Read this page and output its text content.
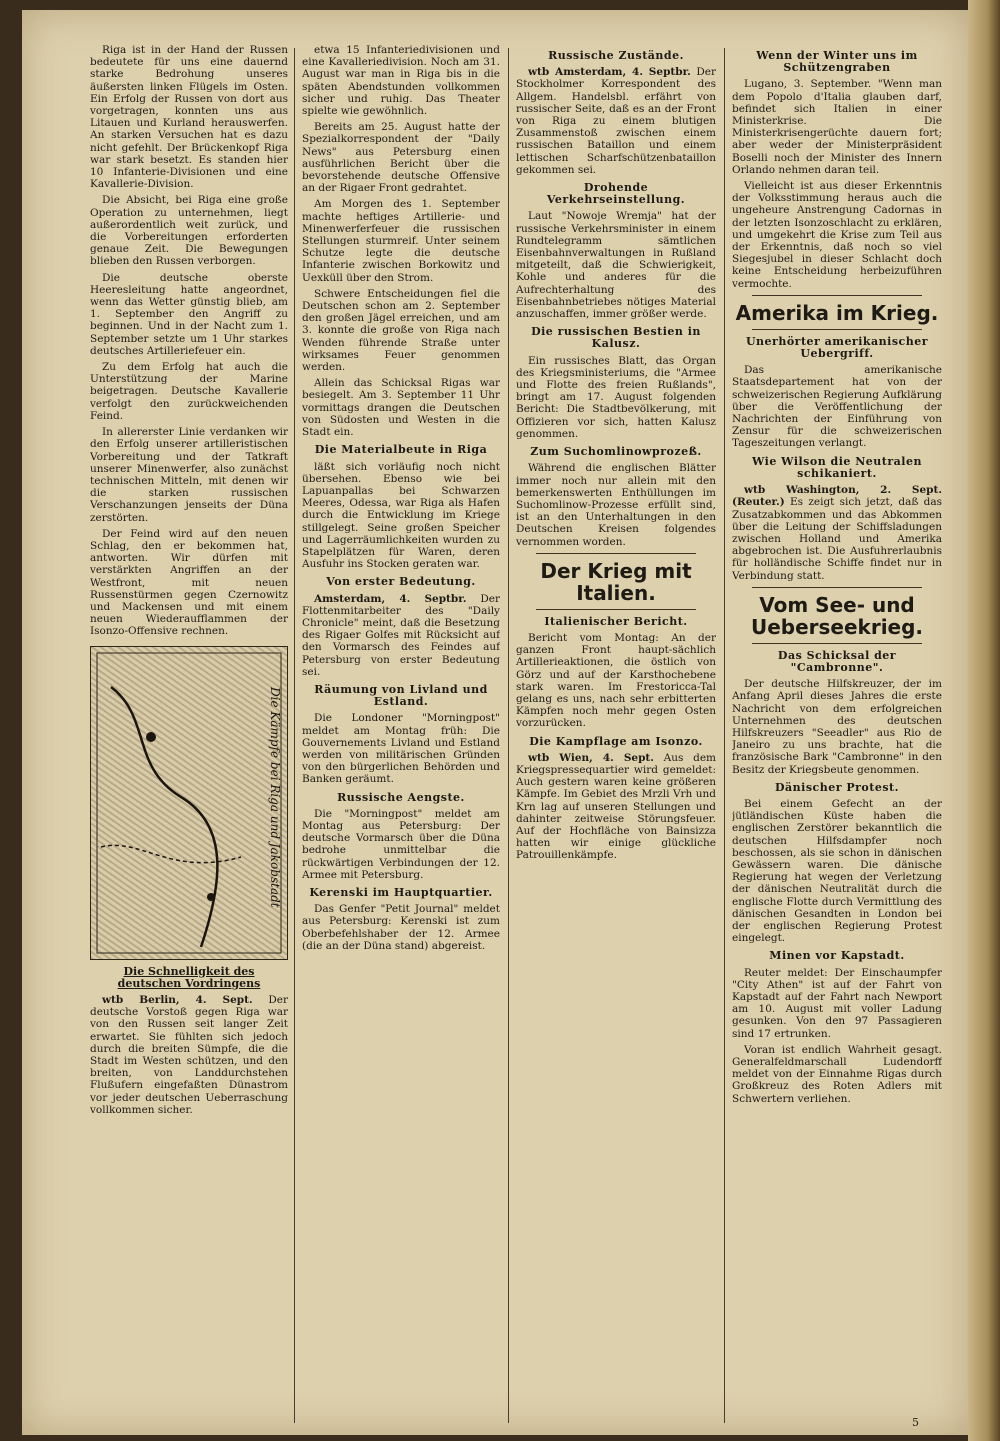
Riga ist in der Hand der Russen bedeutete für uns eine dauernd starke Bedrohung unseres äußersten linken Flügels im Osten. Ein Erfolg der Russen von dort aus vorgetragen, konnten uns aus Litauen und Kurland herauswerfen. An starken Versuchen hat es dazu nicht gefehlt. Der Brückenkopf Riga war stark besetzt. Es standen hier 10 Infanterie-Divisionen und eine Kavallerie-Division.

Die Absicht, bei Riga eine große Operation zu unternehmen, liegt außerordentlich weit zurück, und die Vorbereitungen erforderten genaue Zeit. Die Bewegungen blieben den Russen verborgen.

Die deutsche oberste Heeresleitung hatte angeordnet, wenn das Wetter günstig blieb, am 1. September den Angriff zu beginnen. Und in der Nacht zum 1. September setzte um 1 Uhr starkes deutsches Artilleriefeuer ein.

Zu dem Erfolg hat auch die Unterstützung der Marine beigetragen. Deutsche Kavallerie verfolgt den zurückweichenden Feind.

In allererster Linie verdanken wir den Erfolg unserer artilleristischen Vorbereitung und der Tatkraft unserer Minenwerfer, also zunächst technischen Mitteln, mit denen wir die starken russischen Verschanzungen jenseits der Düna zerstörten.

Der Feind wird auf den neuen Schlag, den er bekommen hat, antworten. Wir dürfen mit verstärkten Angriffen an der Westfront, mit neuen Russenstürmen gegen Czernowitz und Mackensen und mit einem neuen Wiederaufflammen der Isonzo-Offensive rechnen.

Die Kämpfe bei Riga und Jakobstadt
Die Schnelligkeit des deutschen Vordringens

wtb Berlin, 4. Sept. Der deutsche Vorstoß gegen Riga war von den Russen seit langer Zeit erwartet. Sie fühlten sich jedoch durch die breiten Sümpfe, die die Stadt im Westen schützen, und den breiten, von Landdurchstehen Flußufern eingefaßten Dünastrom vor jeder deutschen Ueberraschung vollkommen sicher.

etwa 15 Infanteriedivisionen und eine Kavalleriedivision. Noch am 31. August war man in Riga bis in die späten Abendstunden vollkommen sicher und ruhig. Das Theater spielte wie gewöhnlich.

Bereits am 25. August hatte der Spezialkorrespondent der "Daily News" aus Petersburg einen ausführlichen Bericht über die bevorstehende deutsche Offensive an der Rigaer Front gedrahtet.

Am Morgen des 1. September machte heftiges Artillerie- und Minenwerferfeuer die russischen Stellungen sturmreif. Unter seinem Schutze legte die deutsche Infanterie zwischen Borkowitz und Uexküll über den Strom.

Schwere Entscheidungen fiel die Deutschen schon am 2. September den großen Jägel erreichen, und am 3. konnte die große von Riga nach Wenden führende Straße unter wirksames Feuer genommen werden.

Allein das Schicksal Rigas war besiegelt. Am 3. September 11 Uhr vormittags drangen die Deutschen von Südosten und Westen in die Stadt ein.

Die Materialbeute in Riga

läßt sich vorläufig noch nicht übersehen. Ebenso wie bei Lapuanpallas bei Schwarzen Meeres, Odessa, war Riga als Hafen durch die Entwicklung im Kriege stillgelegt. Seine großen Speicher und Lagerräumlichkeiten wurden zu Stapelplätzen für Waren, deren Ausfuhr ins Stocken geraten war.

Von erster Bedeutung.

Amsterdam, 4. Septbr. Der Flottenmitarbeiter des "Daily Chronicle" meint, daß die Besetzung des Rigaer Golfes mit Rücksicht auf den Vormarsch des Feindes auf Petersburg von erster Bedeutung sei.

Räumung von Livland und Estland.

Die Londoner "Morningpost" meldet am Montag früh: Die Gouvernements Livland und Estland werden von militärischen Gründen von den bürgerlichen Behörden und Banken geräumt.

Russische Aengste.

Die "Morningpost" meldet am Montag aus Petersburg: Der deutsche Vormarsch über die Düna bedrohe unmittelbar die rückwärtigen Verbindungen der 12. Armee mit Petersburg.

Kerenski im Hauptquartier.

Das Genfer "Petit Journal" meldet aus Petersburg: Kerenski ist zum Oberbefehlshaber der 12. Armee (die an der Düna stand) abgereist.

Russische Zustände.

wtb Amsterdam, 4. Septbr. Der Stockholmer Korrespondent des Allgem. Handelsbl. erfährt von russischer Seite, daß es an der Front von Riga zu einem blutigen Zusammenstoß zwischen einem russischen Bataillon und einem lettischen Scharfschützenbataillon gekommen sei.

Drohende Verkehrseinstellung.

Laut "Nowoje Wremja" hat der russische Verkehrsminister in einem Rundtelegramm sämtlichen Eisenbahnverwaltungen in Rußland mitgeteilt, daß die Schwierigkeit, Kohle und anderes für die Aufrechterhaltung des Eisenbahnbetriebes nötiges Material anzuschaffen, immer größer werde.

Die russischen Bestien in Kalusz.

Ein russisches Blatt, das Organ des Kriegsministeriums, die "Armee und Flotte des freien Rußlands", bringt am 17. August folgenden Bericht: Die Stadtbevölkerung, mit Offizieren vor sich, hatten Kalusz genommen.

Zum Suchomlinowprozeß.

Während die englischen Blätter immer noch nur allein mit den bemerkenswerten Enthüllungen im Suchomlinow-Prozesse erfüllt sind, ist an den Unterhaltungen in den Deutschen Kreisen folgendes vernommen worden.

Der Krieg mit Italien.
Italienischer Bericht.

Bericht vom Montag: An der ganzen Front haupt-sächlich Artillerieaktionen, die östlich von Görz und auf der Karsthochebene stark waren. Im Frestoricca-Tal gelang es uns, nach sehr erbitterten Kämpfen noch mehr gegen Osten vorzurücken.

Die Kampflage am Isonzo.

wtb Wien, 4. Sept. Aus dem Kriegspressequartier wird gemeldet: Auch gestern waren keine größeren Kämpfe. Im Gebiet des Mrzli Vrh und Krn lag auf unseren Stellungen und dahinter zeitweise Störungsfeuer. Auf der Hochfläche von Bainsizza hatten wir einige glückliche Patrouillenkämpfe.

Wenn der Winter uns im Schützengraben

Lugano, 3. September. "Wenn man dem Popolo d'Italia glauben darf, befindet sich Italien in einer Ministerkrise. Die Ministerkrisengerüchte dauern fort; aber weder der Ministerpräsident Boselli noch der Minister des Innern Orlando nehmen daran teil.

Vielleicht ist aus dieser Erkenntnis der Volksstimmung heraus auch die ungeheure Anstrengung Cadornas in der letzten Isonzoschlacht zu erklären, und umgekehrt die Krise zum Teil aus der Erkenntnis, daß noch so viel Siegesjubel in dieser Schlacht doch keine Entscheidung herbeizuführen vermochte.

Amerika im Krieg.
Unerhörter amerikanischer Uebergriff.

Das amerikanische Staatsdepartement hat von der schweizerischen Regierung Aufklärung über die Veröffentlichung der Nachrichten der Einführung von Zensur für die schweizerischen Tageszeitungen verlangt.

Wie Wilson die Neutralen schikaniert.

wtb Washington, 2. Sept. (Reuter.) Es zeigt sich jetzt, daß das Zusatzabkommen und das Abkommen über die Leitung der Schiffsladungen zwischen Holland und Amerika abgebrochen ist. Die Ausfuhrerlaubnis für holländische Schiffe findet nur in Verbindung statt.

Vom See- und Ueberseekrieg.
Das Schicksal der "Cambronne".

Der deutsche Hilfskreuzer, der im Anfang April dieses Jahres die erste Nachricht von dem erfolgreichen Unternehmen des deutschen Hilfskreuzers "Seeadler" aus Rio de Janeiro zu uns brachte, hat die französische Bark "Cambronne" in den Besitz der Kriegsbeute genommen.

Dänischer Protest.

Bei einem Gefecht an der jütländischen Küste haben die englischen Zerstörer bekanntlich die deutschen Hilfsdampfer noch beschossen, als sie schon in dänischen Gewässern waren. Die dänische Regierung hat wegen der Verletzung der dänischen Neutralität durch die englische Flotte durch Vermittlung des dänischen Gesandten in London bei der englischen Regierung Protest eingelegt.

Minen vor Kapstadt.

Reuter meldet: Der Einschaumpfer "City Athen" ist auf der Fahrt von Kapstadt auf der Fahrt nach Newport am 10. August mit voller Ladung gesunken. Von den 97 Passagieren sind 17 ertrunken.

Voran ist endlich Wahrheit gesagt. Generalfeldmarschall Ludendorff meldet von der Einnahme Rigas durch Großkreuz des Roten Adlers mit Schwertern verliehen.

5
